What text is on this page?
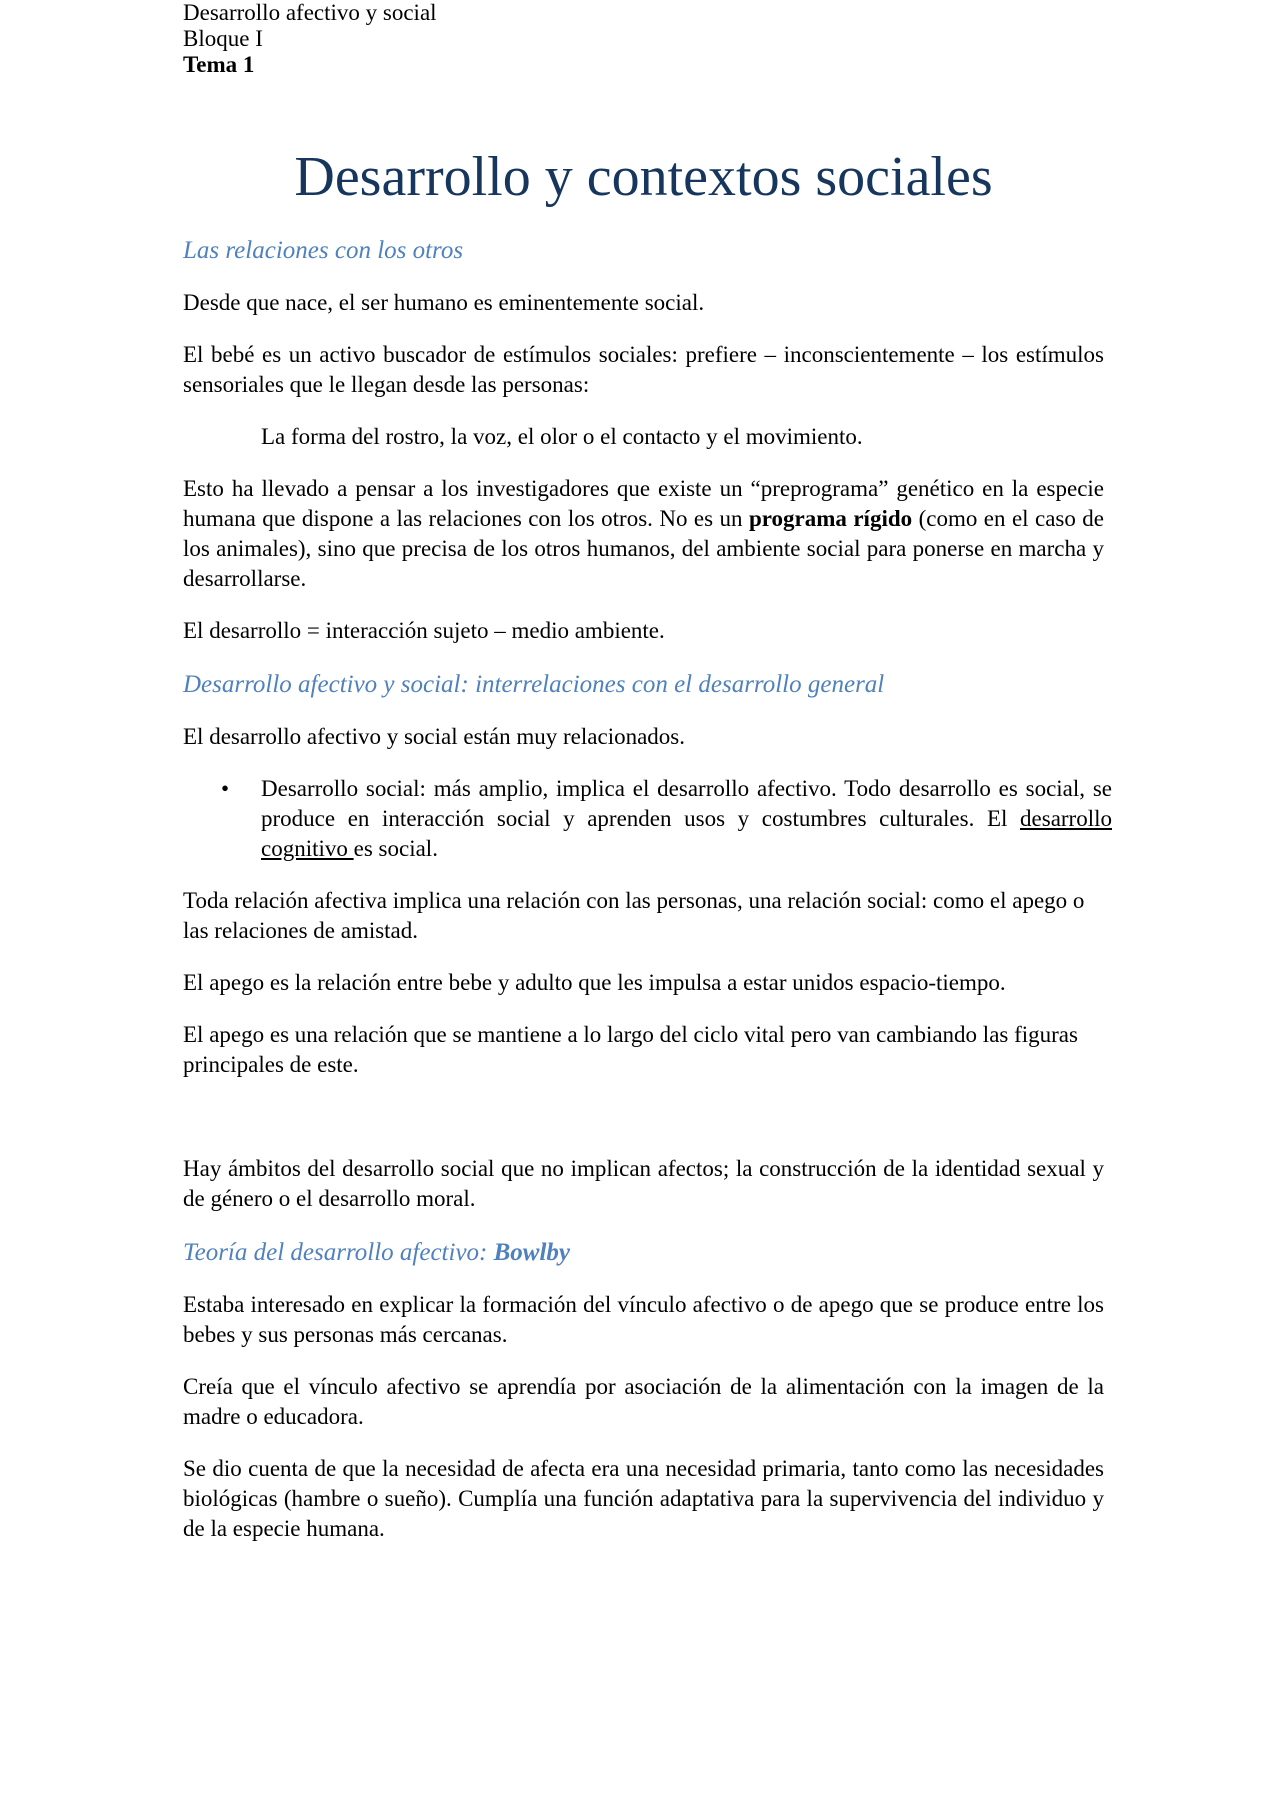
Desarrollo afectivo y social
Bloque I
Tema 1
Desarrollo y contextos sociales
Las relaciones con los otros

Desde que nace, el ser humano es eminentemente social.

El bebé es un activo buscador de estímulos sociales: prefiere – inconscientemente – los estímulos sensoriales que le llegan desde las personas:

La forma del rostro, la voz, el olor o el contacto y el movimiento.

Esto ha llevado a pensar a los investigadores que existe un “preprograma” genético en la especie humana que dispone a las relaciones con los otros. No es un programa rígido (como en el caso de los animales), sino que precisa de los otros humanos, del ambiente social para ponerse en marcha y desarrollarse.

El desarrollo = interacción sujeto – medio ambiente.

Desarrollo afectivo y social: interrelaciones con el desarrollo general

El desarrollo afectivo y social están muy relacionados.

• Desarrollo social: más amplio, implica el desarrollo afectivo. Todo desarrollo es social, se produce en interacción social y aprenden usos y costumbres culturales. El desarrollo cognitivo es social.

Toda relación afectiva implica una relación con las personas, una relación social: como el apego o las relaciones de amistad.

El apego es la relación entre bebe y adulto que les impulsa a estar unidos espacio-tiempo.

El apego es una relación que se mantiene a lo largo del ciclo vital pero van cambiando las figuras principales de este.

Hay ámbitos del desarrollo social que no implican afectos; la construcción de la identidad sexual y de género o el desarrollo moral.

Teoría del desarrollo afectivo: Bowlby

Estaba interesado en explicar la formación del vínculo afectivo o de apego que se produce entre los bebes y sus personas más cercanas.

Creía que el vínculo afectivo se aprendía por asociación de la alimentación con la imagen de la madre o educadora.

Se dio cuenta de que la necesidad de afecta era una necesidad primaria, tanto como las necesidades biológicas (hambre o sueño). Cumplía una función adaptativa para la supervivencia del individuo y de la especie humana.
